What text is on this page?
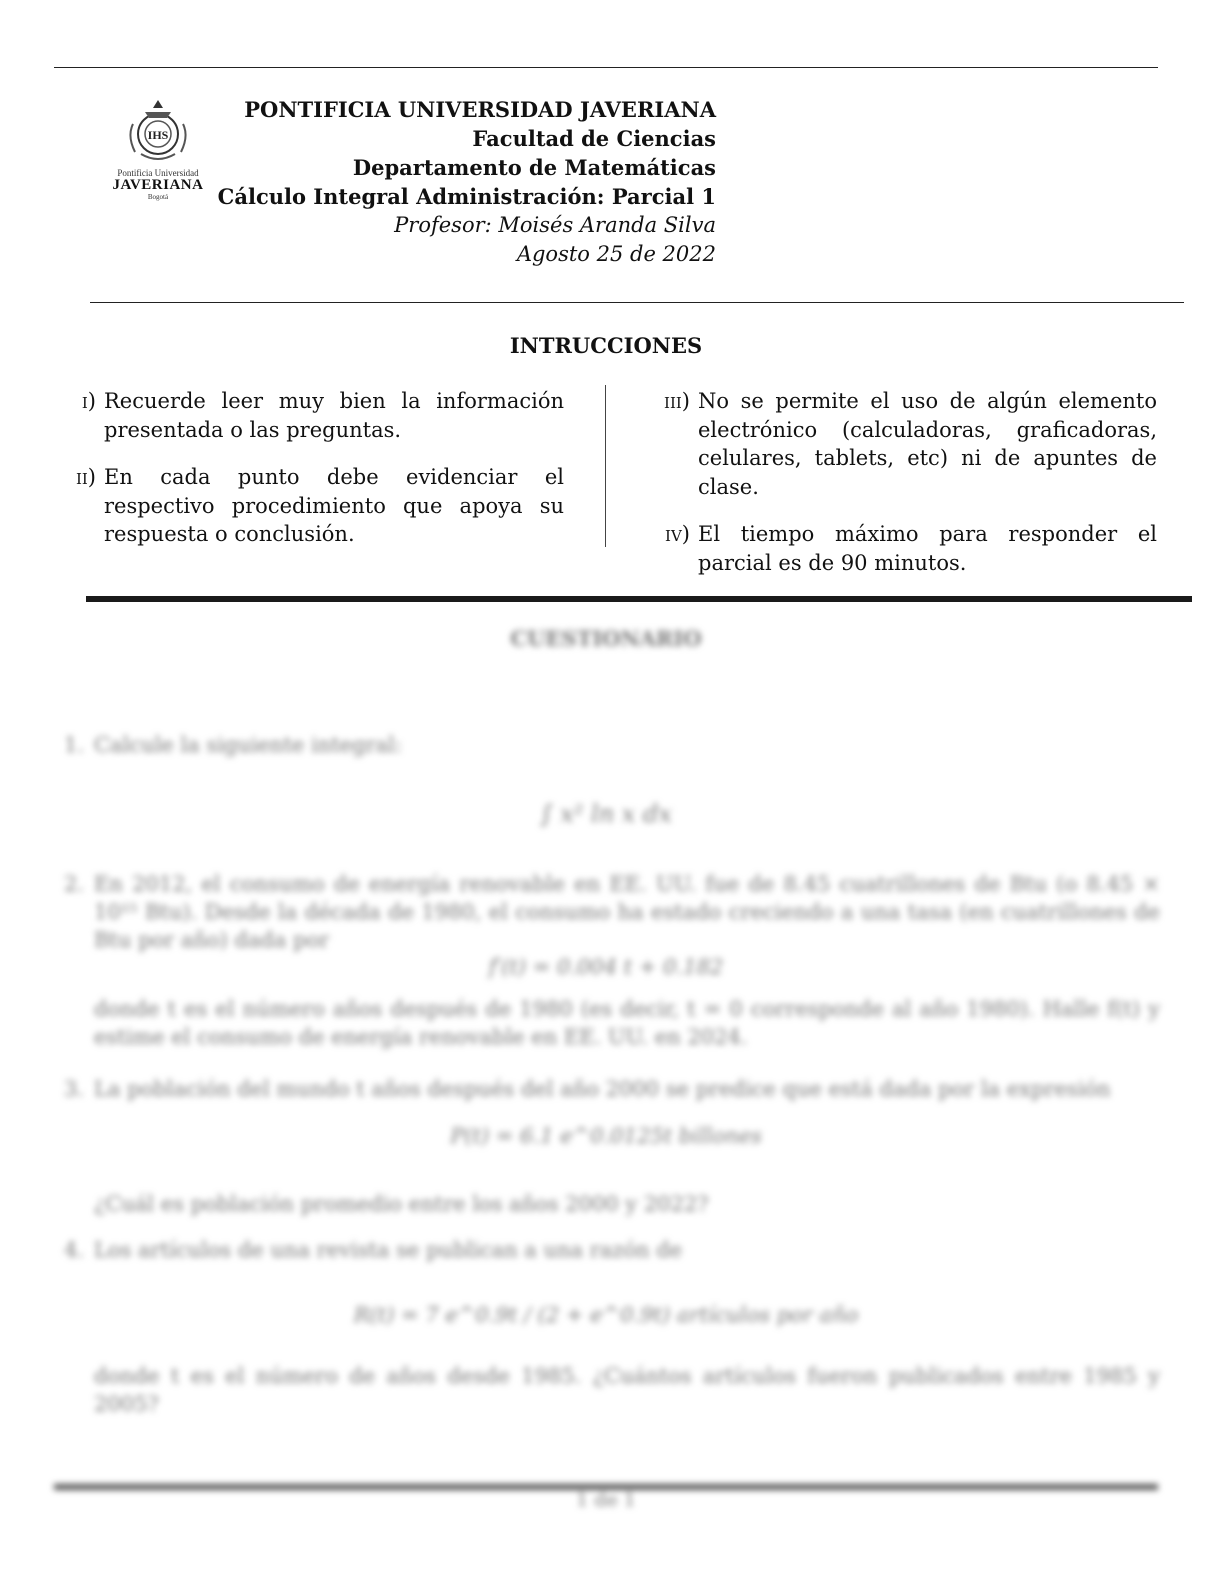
IHS
Pontificia Universidad
JAVERIANA
Bogotá
PONTIFICIA UNIVERSIDAD JAVERIANA
Facultad de Ciencias
Departamento de Matemáticas
Cálculo Integral Administración: Parcial 1
Profesor: Moisés Aranda Silva
Agosto 25 de 2022
INTRUCCIONES
i) Recuerde leer muy bien la información presentada o las preguntas.
ii) En cada punto debe evidenciar el respectivo procedimiento que apoya su respuesta o conclusión.
iii) No se permite el uso de algún elemento electrónico (calculadoras, graficadoras, celulares, tablets, etc) ni de apuntes de clase.
iv) El tiempo máximo para responder el parcial es de 90 minutos.
CUESTIONARIO
1. Calcule la siguiente integral:
∫ x² ln x dx
2. En 2012, el consumo de energía renovable en EE. UU. fue de 8.45 cuatrillones de Btu (o 8.45 × 10¹⁵ Btu). Desde la década de 1980, el consumo ha estado creciendo a una tasa (en cuatrillones de Btu por año) dada por
f′(t) = 0.004 t + 0.182
donde t es el número años después de 1980 (es decir, t = 0 corresponde al año 1980). Halle f(t) y estime el consumo de energía renovable en EE. UU. en 2024.
3. La población del mundo t años después del año 2000 se predice que está dada por la expresión
P(t) = 6.1 e^0.0125t billones
¿Cuál es población promedio entre los años 2000 y 2022?
4. Los artículos de una revista se publican a una razón de
R(t) = 7 e^0.9t / (2 + e^0.9t) artículos por año
donde t es el número de años desde 1985. ¿Cuántos artículos fueron publicados entre 1985 y 2005?
1 de 1
